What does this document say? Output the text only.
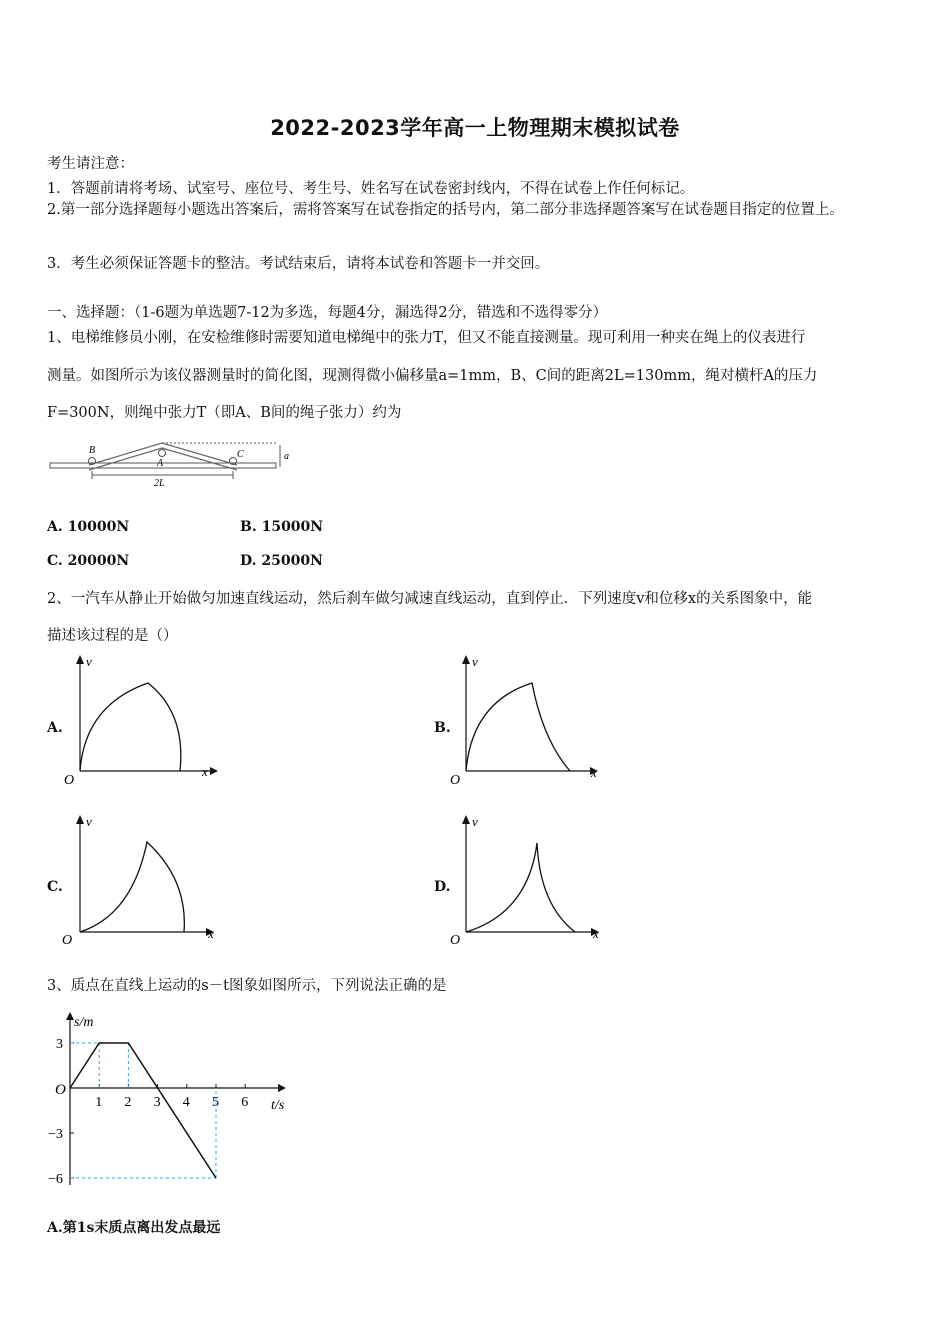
2022-2023学年高一上物理期末模拟试卷
考生请注意：
1．答题前请将考场、试室号、座位号、考生号、姓名写在试卷密封线内，不得在试卷上作任何标记。
2.第一部分选择题每小题选出答案后，需将答案写在试卷指定的括号内，第二部分非选择题答案写在试卷题目指定的位置上。
3．考生必须保证答题卡的整洁。考试结束后，请将本试卷和答题卡一并交回。
一、选择题：（1-6题为单选题7-12为多选，每题4分，漏选得2分，错选和不选得零分）
1、电梯维修员小刚，在安检维修时需要知道电梯绳中的张力T，但又不能直接测量。现可利用一种夹在绳上的仪表进行
测量。如图所示为该仪器测量时的简化图，现测得微小偏移量a=1mm，B、C间的距离2L=130mm，绳对横杆A的压力
F=300N，则绳中张力T（即A、B间的绳子张力）约为
B
A
C	a
2L
A. 10000N	B. 15000N
C. 20000N	D. 25000N
2、一汽车从静止开始做匀加速直线运动，然后刹车做匀减速直线运动，直到停止．下列速度v和位移x的关系图象中，能
描述该过程的是（）
A.	B.
C.	D.
v
x
O
v
x
O
v
x
O
v
x
O
3、质点在直线上运动的s－t图象如图所示，下列说法正确的是
1 2 3 4 5 6
3
−3
−6
s/m
t/s
O
A.第1s末质点离出发点最远
